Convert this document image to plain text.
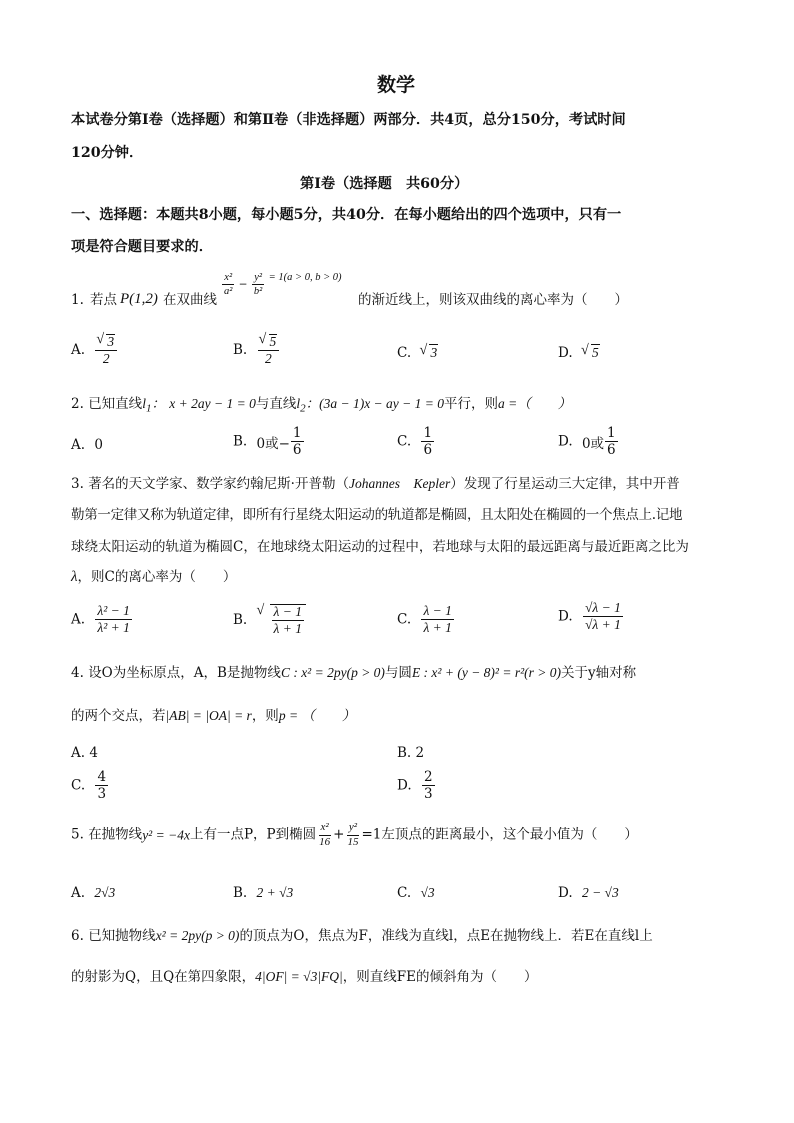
数学
本试卷分第Ⅰ卷（选择题）和第Ⅱ卷（非选择题）两部分．共4页，总分150分，考试时间
120分钟．
第Ⅰ卷（选择题　共60分）
一、选择题：本题共8小题，每小题5分，共40分．在每小题给出的四个选项中，只有一
项是符合题目要求的．
1. 若点 P(1,2) 在双曲线
$\frac{\text{x²}}{\text{a²}} - \frac{\text{y²}}{\text{b²}} = 1(a > 0$, b > 0)
的渐近线上，则该双曲线的离心率为（　　）
A. √ $\frac{3}{2}$	B. √ $\frac{5}{2}$	C. √ 3	D. √ 5
2. 已知直线$l_1$： x + 2ay − 1 = 0与直线$l_2$：(3a − 1)x − ay − 1 = 0平行，则a =（　　）
A. 0	B. 0或− $\frac{1}{6}$	C. $\frac{1}{6}$	D. 0或 $\frac{1}{6}$
3. 著名的天文学家、数学家约翰尼斯·开普勒（Johannes　Kepler）发现了行星运动三大定律，其中开普
勒第一定律又称为轨道定律，即所有行星绕太阳运动的轨道都是椭圆，且太阳处在椭圆的一个焦点上.记地
球绕太阳运动的轨道为椭圆C，在地球绕太阳运动的过程中，若地球与太阳的最远距离与最近距离之比为
λ，则C的离心率为（　　）
A. $\frac{\text{λ² − 1}}{\text{λ² + 1}}$	B. √ $\frac{\lambda - 1}{\lambda + 1}$	C. $\frac{\lambda - 1}{\lambda + 1}$	D. $\frac{√\lambda - 1}{√\lambda + 1}$
4. 设O为坐标原点，A，B是抛物线C : x² = 2py(p > 0)与圆E : x² + (y − 8)² = r²(r > 0)关于y轴对称
的两个交点，若|AB| = |OA| = r，则p = （　　）
A. 4	B. 2
C. $\frac{4}{3}$	D. $\frac{2}{3}$
5. 在抛物线y² = −4x上有一点P，P到椭圆 $\frac{\text{x²}}{16} + \frac{\text{y²}}{15} =1$左顶点的距离最小，这个最小值为（　　）
A. 2√3	B. 2 + √3	C. √3	D. 2 − √3
6. 已知抛物线x² = 2py(p > 0)的顶点为O，焦点为F，准线为直线l，点E在抛物线上．若E在直线l上
的射影为Q，且Q在第四象限，4|OF| = √3|FQ|，则直线FE的倾斜角为（　　）
